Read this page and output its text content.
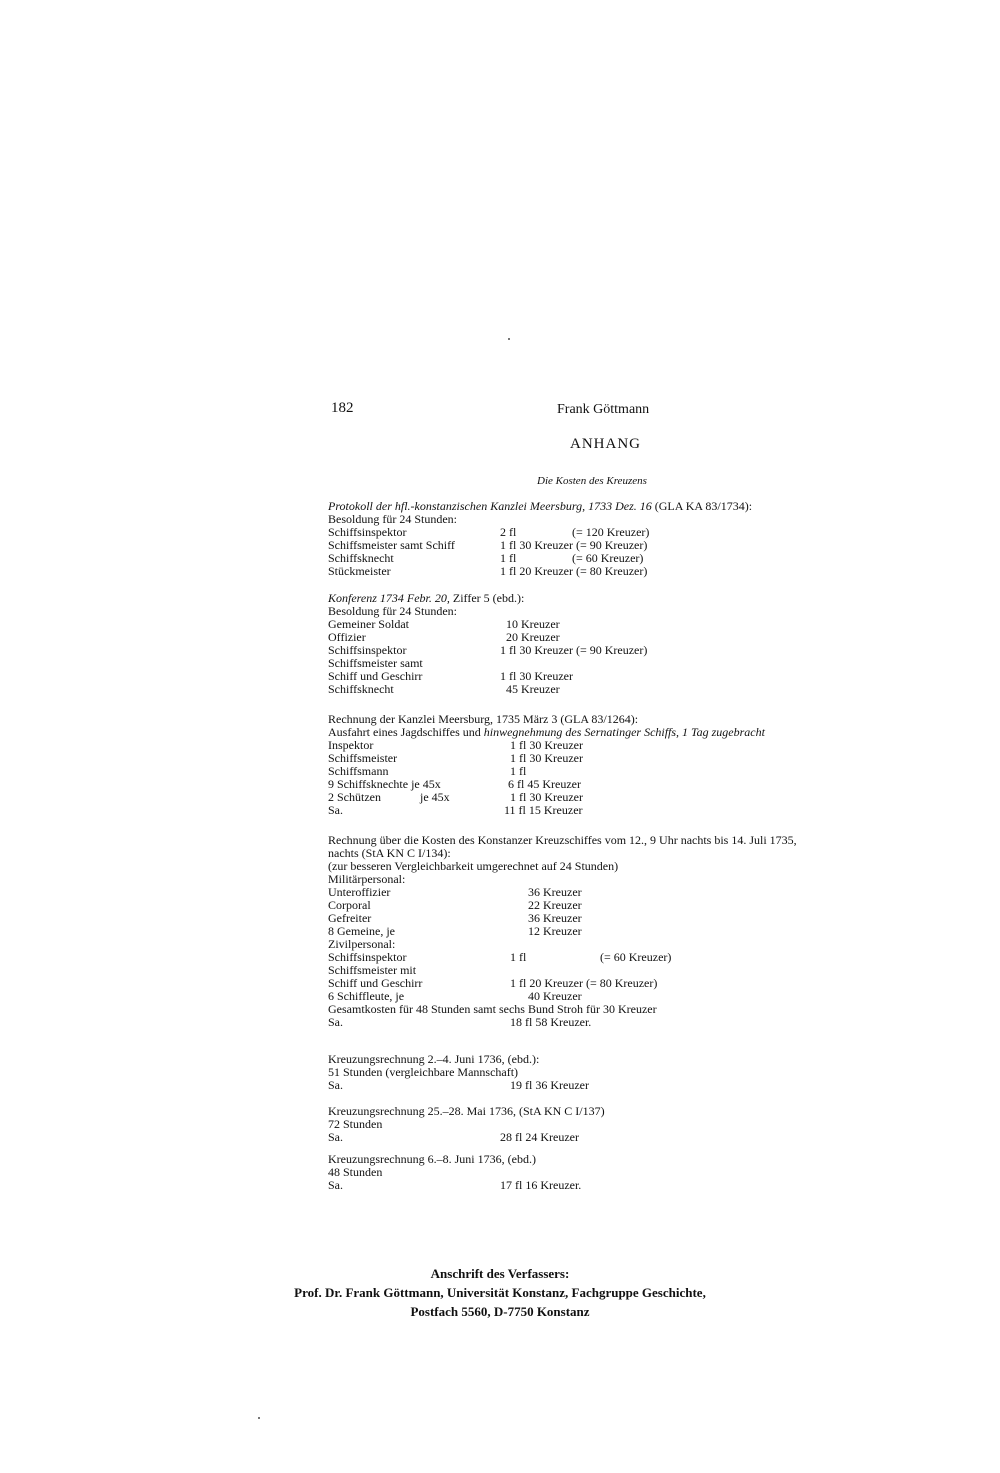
182	Frank Göttmann
ANHANG
Die Kosten des Kreuzens
Protokoll der hfl.-konstanzischen Kanzlei Meersburg, 1733 Dez. 16 (GLA KA 83/1734):
Besoldung für 24 Stunden:
Schiffsinspektor	2 fl	(= 120 Kreuzer)
Schiffsmeister samt Schiff	1 fl 30 Kreuzer (= 90 Kreuzer)
Schiffsknecht	1 fl	(= 60 Kreuzer)
Stückmeister	1 fl 20 Kreuzer (= 80 Kreuzer)
Konferenz 1734 Febr. 20, Ziffer 5 (ebd.):
Besoldung für 24 Stunden:
Gemeiner Soldat	10 Kreuzer
Offizier	20 Kreuzer
Schiffsinspektor	1 fl 30 Kreuzer (= 90 Kreuzer)
Schiffsmeister samt
Schiff und Geschirr	1 fl 30 Kreuzer
Schiffsknecht	45 Kreuzer
Rechnung der Kanzlei Meersburg, 1735 März 3 (GLA 83/1264):
Ausfahrt eines Jagdschiffes und hinwegnehmung des Sernatinger Schiffs, 1 Tag zugebracht
Inspektor	1 fl 30 Kreuzer
Schiffsmeister	1 fl 30 Kreuzer
Schiffsmann	1 fl
9 Schiffsknechte je 45x	6 fl 45 Kreuzer
2 Schützen	je 45x	1 fl 30 Kreuzer
Sa.	11 fl 15 Kreuzer
Rechnung über die Kosten des Konstanzer Kreuzschiffes vom 12., 9 Uhr nachts bis 14. Juli 1735,
nachts (StA KN C I/134):
(zur besseren Vergleichbarkeit umgerechnet auf 24 Stunden)
Militärpersonal:
Unteroffizier	36 Kreuzer
Corporal	22 Kreuzer
Gefreiter	36 Kreuzer
8 Gemeine, je	12 Kreuzer
Zivilpersonal:
Schiffsinspektor	1 fl	(= 60 Kreuzer)
Schiffsmeister mit
Schiff und Geschirr	1 fl 20 Kreuzer (= 80 Kreuzer)
6 Schiffleute, je	40 Kreuzer
Gesamtkosten für 48 Stunden samt sechs Bund Stroh für 30 Kreuzer
Sa.	18 fl 58 Kreuzer.
Kreuzungsrechnung 2.–4. Juni 1736, (ebd.):
51 Stunden (vergleichbare Mannschaft)
Sa.	19 fl 36 Kreuzer
Kreuzungsrechnung 25.–28. Mai 1736, (StA KN C I/137)
72 Stunden
Sa.	28 fl 24 Kreuzer
Kreuzungsrechnung 6.–8. Juni 1736, (ebd.)
48 Stunden
Sa.	17 fl 16 Kreuzer.
Anschrift des Verfassers:
Prof. Dr. Frank Göttmann, Universität Konstanz, Fachgruppe Geschichte,
Postfach 5560, D-7750 Konstanz
